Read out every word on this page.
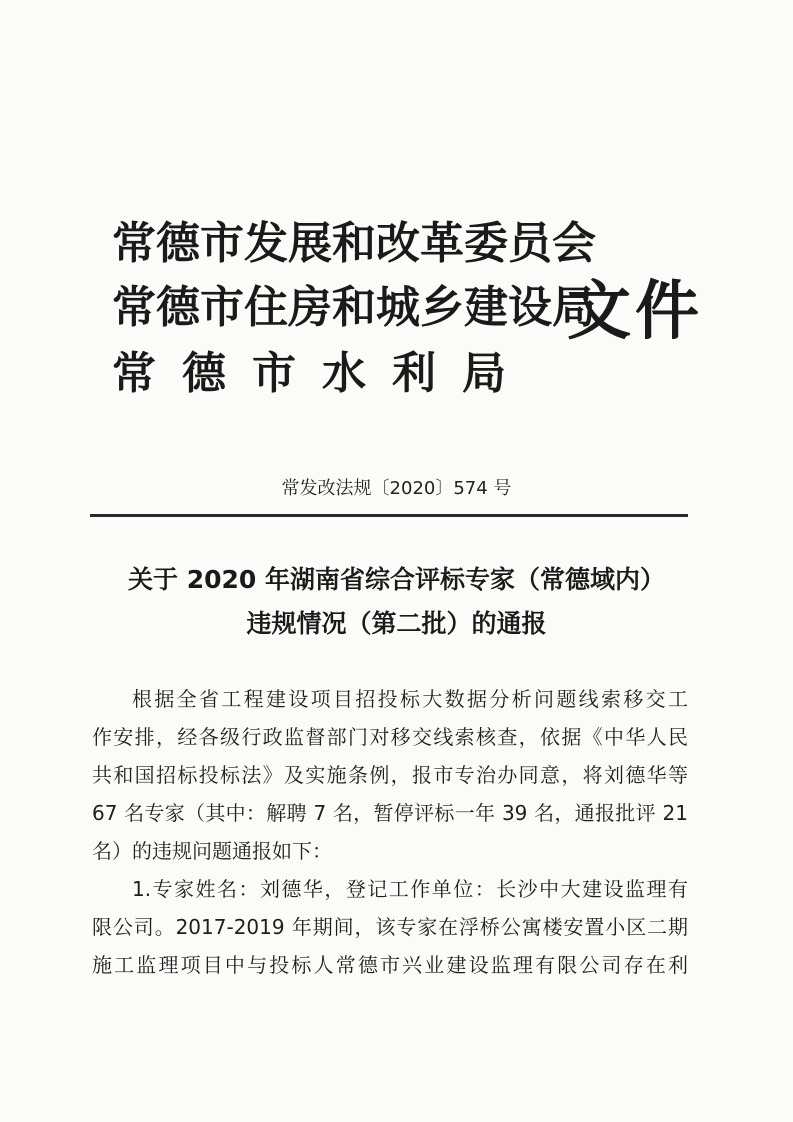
常德市发展和改革委员会
常德市住房和城乡建设局
常德市水利局
文件
常发改法规〔2020〕574 号
关于 2020 年湖南省综合评标专家（常德域内）
违规情况（第二批）的通报
根据全省工程建设项目招投标大数据分析问题线索移交工
作安排，经各级行政监督部门对移交线索核查，依据《中华人民
共和国招标投标法》及实施条例，报市专治办同意，将刘德华等
67 名专家（其中：解聘 7 名，暂停评标一年 39 名，通报批评 21
名）的违规问题通报如下：
1.专家姓名：刘德华，登记工作单位：长沙中大建设监理有
限公司。2017-2019 年期间，该专家在浮桥公寓楼安置小区二期
施工监理项目中与投标人常德市兴业建设监理有限公司存在利
